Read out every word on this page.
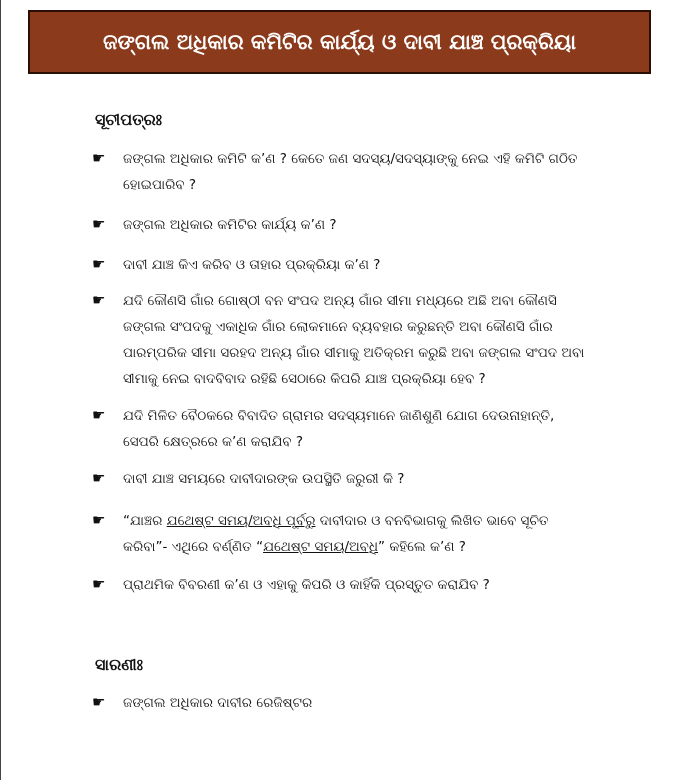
ଜଙ୍ଗଲ ଅଧିକାର କମିଟିର କାର୍ଯ୍ୟ ଓ ଦାବୀ ଯାଞ୍ଚ ପ୍ରକ୍ରିୟା
ସୂଚୀପତ୍ରଃ
☛	ଜଙ୍ଗଲ ଅଧିକାର କମିଟି କ’ଣ ? କେତେ ଜଣ ସଦସ୍ୟ/ସଦସ୍ୟାଙ୍କୁ ନେଇ ଏହି କମିଟି ଗଠିତ ହୋଇପାରିବ ?
☛	ଜଙ୍ଗଲ ଅଧିକାର କମିଟିର କାର୍ଯ୍ୟ କ’ଣ ?
☛	ଦାବୀ ଯାଞ୍ଚ କିଏ କରିବ ଓ ତାହାର ପ୍ରକ୍ରିୟା କ’ଣ ?
☛	ଯଦି କୌଣସି ଗାଁର ଗୋଷ୍ଠୀ ବନ ସଂପଦ ଅନ୍ୟ ଗାଁର ସୀମା ମଧ୍ୟରେ ଅଛି ଅବା କୌଣସି ଜଙ୍ଗଲ ସଂପଦକୁ ଏକାଧିକ ଗାଁର ଲୋକମାନେ ବ୍ୟବହାର କରୁଛନ୍ତି ଅବା କୌଣସି ଗାଁର ପାରମ୍ପରିକ ସୀମା ସରହଦ ଅନ୍ୟ ଗାଁର ସୀମାକୁ ଅତିକ୍ରମ କରୁଛି ଅବା ଜଙ୍ଗଲ ସଂପଦ ଅବା ସୀମାକୁ ନେଇ ବାଦବିବାଦ ରହିଛି ସେଠାରେ କିପରି ଯାଞ୍ଚ ପ୍ରକ୍ରିୟା ହେବ ?
☛	ଯଦି ମିଳିତ ବୈଠକରେ ବିବାଦିତ ଗ୍ରାମର ସଦସ୍ୟମାନେ ଜାଣିଶୁଣି ଯୋଗ ଦେଉନାହାନ୍ତି, ସେପରି କ୍ଷେତ୍ରରେ କ’ଣ କରାଯିବ ?
☛	ଦାବୀ ଯାଞ୍ଚ ସମୟରେ ଦାବୀଦାରଙ୍କ ଉପସ୍ଥିତି ଜରୁରୀ କି ?
☛	“ଯାଞ୍ଚର ଯଥେଷ୍ଟ ସମୟ/ଅବଧି ପୂର୍ବରୁ ଦାବୀଦାର ଓ ବନବିଭାଗକୁ ଲିଖିତ ଭାବେ ସୂଚିତ କରିବା”- ଏଥିରେ ବର୍ଣ୍ଣିତ “ଯଥେଷ୍ଟ ସମୟ/ଅବଧି” କହିଲେ କ’ଣ ?
☛	ପ୍ରାଥମିକ ବିବରଣୀ କ’ଣ ଓ ଏହାକୁ କିପରି ଓ କାହିଁକି ପ୍ରସ୍ତୁତ କରାଯିବ ?
ସାରଣୀଃ
☛	ଜଙ୍ଗଲ ଅଧିକାର ଦାବୀର ରେଜିଷ୍ଟର
